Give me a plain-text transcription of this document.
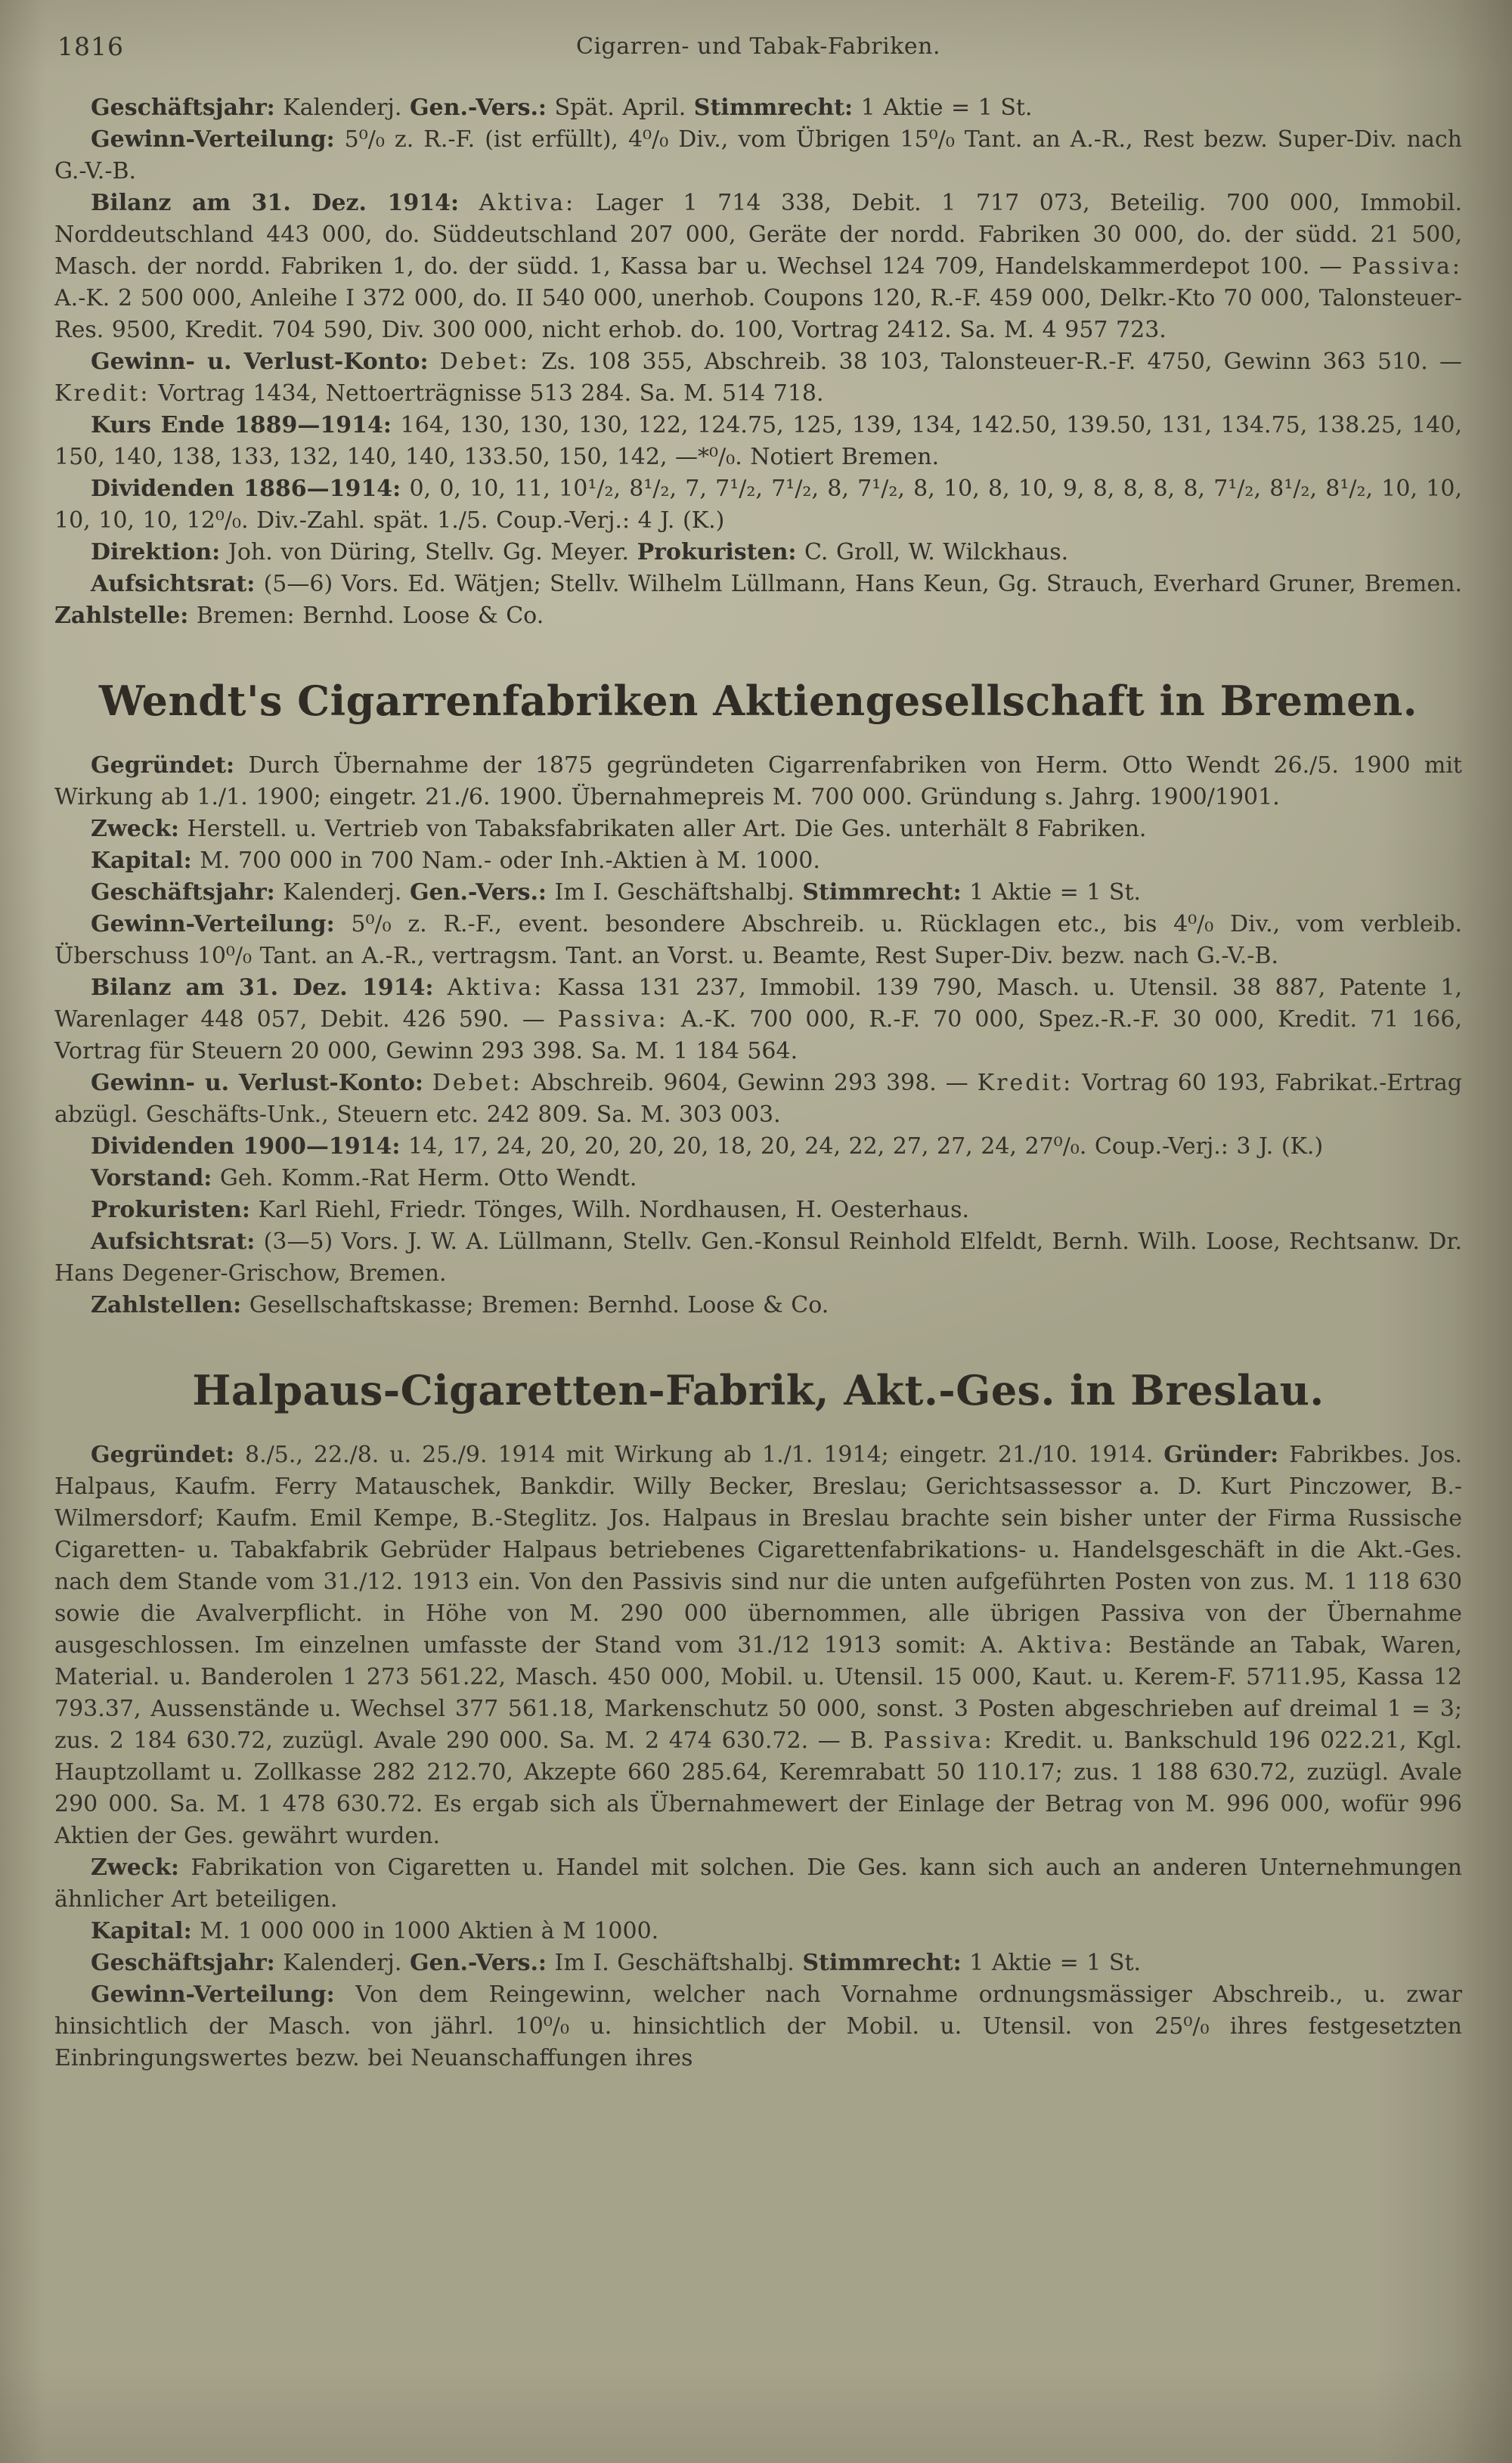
1816	Cigarren- und Tabak-Fabriken.

Geschäftsjahr: Kalenderj. Gen.-Vers.: Spät. April. Stimmrecht: 1 Aktie = 1 St.

Gewinn-Verteilung: 5⁰/₀ z. R.-F. (ist erfüllt), 4⁰/₀ Div., vom Übrigen 15⁰/₀ Tant. an A.-R., Rest bezw. Super-Div. nach G.-V.-B.

Bilanz am 31. Dez. 1914: Aktiva: Lager 1 714 338, Debit. 1 717 073, Beteilig. 700 000, Immobil. Norddeutschland 443 000, do. Süddeutschland 207 000, Geräte der nordd. Fabriken 30 000, do. der südd. 21 500, Masch. der nordd. Fabriken 1, do. der südd. 1, Kassa bar u. Wechsel 124 709, Handelskammerdepot 100. — Passiva: A.-K. 2 500 000, Anleihe I 372 000, do. II 540 000, unerhob. Coupons 120, R.-F. 459 000, Delkr.-Kto 70 000, Talonsteuer-Res. 9500, Kredit. 704 590, Div. 300 000, nicht erhob. do. 100, Vortrag 2412. Sa. M. 4 957 723.

Gewinn- u. Verlust-Konto: Debet: Zs. 108 355, Abschreib. 38 103, Talonsteuer-R.-F. 4750, Gewinn 363 510. — Kredit: Vortrag 1434, Nettoerträgnisse 513 284. Sa. M. 514 718.

Kurs Ende 1889—1914: 164, 130, 130, 130, 122, 124.75, 125, 139, 134, 142.50, 139.50, 131, 134.75, 138.25, 140, 150, 140, 138, 133, 132, 140, 140, 133.50, 150, 142, —*⁰/₀. Notiert Bremen.

Dividenden 1886—1914: 0, 0, 10, 11, 10¹/₂, 8¹/₂, 7, 7¹/₂, 7¹/₂, 8, 7¹/₂, 8, 10, 8, 10, 9, 8, 8, 8, 8, 7¹/₂, 8¹/₂, 8¹/₂, 10, 10, 10, 10, 10, 12⁰/₀. Div.-Zahl. spät. 1./5. Coup.-Verj.: 4 J. (K.)

Direktion: Joh. von Düring, Stellv. Gg. Meyer. Prokuristen: C. Groll, W. Wilckhaus.

Aufsichtsrat: (5—6) Vors. Ed. Wätjen; Stellv. Wilhelm Lüllmann, Hans Keun, Gg. Strauch, Everhard Gruner, Bremen. Zahlstelle: Bremen: Bernhd. Loose & Co.

Wendt's Cigarrenfabriken Aktiengesellschaft in Bremen.

Gegründet: Durch Übernahme der 1875 gegründeten Cigarrenfabriken von Herm. Otto Wendt 26./5. 1900 mit Wirkung ab 1./1. 1900; eingetr. 21./6. 1900. Übernahmepreis M. 700 000. Gründung s. Jahrg. 1900/1901.

Zweck: Herstell. u. Vertrieb von Tabaksfabrikaten aller Art. Die Ges. unterhält 8 Fabriken.

Kapital: M. 700 000 in 700 Nam.- oder Inh.-Aktien à M. 1000.

Geschäftsjahr: Kalenderj. Gen.-Vers.: Im I. Geschäftshalbj. Stimmrecht: 1 Aktie = 1 St.

Gewinn-Verteilung: 5⁰/₀ z. R.-F., event. besondere Abschreib. u. Rücklagen etc., bis 4⁰/₀ Div., vom verbleib. Überschuss 10⁰/₀ Tant. an A.-R., vertragsm. Tant. an Vorst. u. Beamte, Rest Super-Div. bezw. nach G.-V.-B.

Bilanz am 31. Dez. 1914: Aktiva: Kassa 131 237, Immobil. 139 790, Masch. u. Utensil. 38 887, Patente 1, Warenlager 448 057, Debit. 426 590. — Passiva: A.-K. 700 000, R.-F. 70 000, Spez.-R.-F. 30 000, Kredit. 71 166, Vortrag für Steuern 20 000, Gewinn 293 398. Sa. M. 1 184 564.

Gewinn- u. Verlust-Konto: Debet: Abschreib. 9604, Gewinn 293 398. — Kredit: Vortrag 60 193, Fabrikat.-Ertrag abzügl. Geschäfts-Unk., Steuern etc. 242 809. Sa. M. 303 003.

Dividenden 1900—1914: 14, 17, 24, 20, 20, 20, 20, 18, 20, 24, 22, 27, 27, 24, 27⁰/₀. Coup.-Verj.: 3 J. (K.)

Vorstand: Geh. Komm.-Rat Herm. Otto Wendt.

Prokuristen: Karl Riehl, Friedr. Tönges, Wilh. Nordhausen, H. Oesterhaus.

Aufsichtsrat: (3—5) Vors. J. W. A. Lüllmann, Stellv. Gen.-Konsul Reinhold Elfeldt, Bernh. Wilh. Loose, Rechtsanw. Dr. Hans Degener-Grischow, Bremen.

Zahlstellen: Gesellschaftskasse; Bremen: Bernhd. Loose & Co.

Halpaus-Cigaretten-Fabrik, Akt.-Ges. in Breslau.

Gegründet: 8./5., 22./8. u. 25./9. 1914 mit Wirkung ab 1./1. 1914; eingetr. 21./10. 1914. Gründer: Fabrikbes. Jos. Halpaus, Kaufm. Ferry Matauschek, Bankdir. Willy Becker, Breslau; Gerichtsassessor a. D. Kurt Pinczower, B.-Wilmersdorf; Kaufm. Emil Kempe, B.-Steglitz. Jos. Halpaus in Breslau brachte sein bisher unter der Firma Russische Cigaretten- u. Tabakfabrik Gebrüder Halpaus betriebenes Cigarettenfabrikations- u. Handelsgeschäft in die Akt.-Ges. nach dem Stande vom 31./12. 1913 ein. Von den Passivis sind nur die unten aufgeführten Posten von zus. M. 1 118 630 sowie die Avalverpflicht. in Höhe von M. 290 000 übernommen, alle übrigen Passiva von der Übernahme ausgeschlossen. Im einzelnen umfasste der Stand vom 31./12 1913 somit: A. Aktiva: Bestände an Tabak, Waren, Material. u. Banderolen 1 273 561.22, Masch. 450 000, Mobil. u. Utensil. 15 000, Kaut. u. Kerem-F. 5711.95, Kassa 12 793.37, Aussenstände u. Wechsel 377 561.18, Markenschutz 50 000, sonst. 3 Posten abgeschrieben auf dreimal 1 = 3; zus. 2 184 630.72, zuzügl. Avale 290 000. Sa. M. 2 474 630.72. — B. Passiva: Kredit. u. Bankschuld 196 022.21, Kgl. Hauptzollamt u. Zollkasse 282 212.70, Akzepte 660 285.64, Keremrabatt 50 110.17; zus. 1 188 630.72, zuzügl. Avale 290 000. Sa. M. 1 478 630.72. Es ergab sich als Übernahmewert der Einlage der Betrag von M. 996 000, wofür 996 Aktien der Ges. gewährt wurden.

Zweck: Fabrikation von Cigaretten u. Handel mit solchen. Die Ges. kann sich auch an anderen Unternehmungen ähnlicher Art beteiligen.

Kapital: M. 1 000 000 in 1000 Aktien à M 1000.

Geschäftsjahr: Kalenderj. Gen.-Vers.: Im I. Geschäftshalbj. Stimmrecht: 1 Aktie = 1 St.

Gewinn-Verteilung: Von dem Reingewinn, welcher nach Vornahme ordnungsmässiger Abschreib., u. zwar hinsichtlich der Masch. von jährl. 10⁰/₀ u. hinsichtlich der Mobil. u. Utensil. von 25⁰/₀ ihres festgesetzten Einbringungswertes bezw. bei Neuanschaffungen ihres
